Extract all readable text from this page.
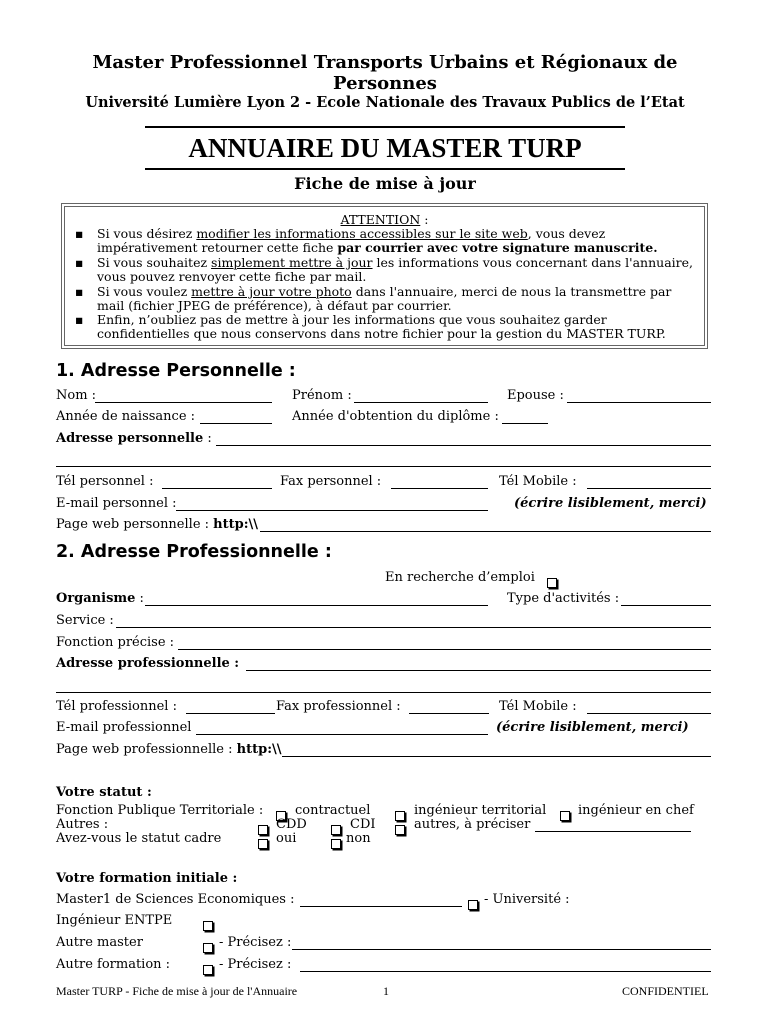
Master Professionnel Transports Urbains et Régionaux de
Personnes
Université Lumière Lyon 2 - Ecole Nationale des Travaux Publics de l’Etat
ANNUAIRE DU MASTER TURP
Fiche de mise à jour
ATTENTION :
▪ Si vous désirez modifier les informations accessibles sur le site web, vous devez impérativement retourner cette fiche par courrier avec votre signature manuscrite.
▪ Si vous souhaitez simplement mettre à jour les informations vous concernant dans l'annuaire, vous pouvez renvoyer cette fiche par mail.
▪ Si vous voulez mettre à jour votre photo dans l'annuaire, merci de nous la transmettre par mail (fichier JPEG de préférence), à défaut par courrier.
▪ Enfin, n’oubliez pas de mettre à jour les informations que vous souhaitez garder confidentielles que nous conservons dans notre fichier pour la gestion du MASTER TURP.
1. Adresse Personnelle :
Nom :	Prénom :	Epouse :
Année de naissance :	Année d'obtention du diplôme :
Adresse personnelle :
Tél personnel :	Fax personnel :	Tél Mobile :
E-mail personnel :	(écrire lisiblement, merci)
Page web personnelle : http:\\
2. Adresse Professionnelle :
En recherche d’emploi
Organisme :	Type d'activités :
Service :
Fonction précise :
Adresse professionnelle :
Tél professionnel :	Fax professionnel :	Tél Mobile :
E-mail professionnel	(écrire lisiblement, merci)
Page web professionnelle : http:\\
Votre statut :
Fonction Publique Territoriale : contractuel	ingénieur territorial ingénieur en chef
Autres :	CDD	CDI	autres, à préciser
Avez-vous le statut cadre	oui	non
Votre formation initiale :
Master1 de Sciences Economiques :	- Université :
Ingénieur ENTPE
Autre master	- Précisez :
Autre formation :	- Précisez :
Master TURP - Fiche de mise à jour de l'Annuaire	1	CONFIDENTIEL
